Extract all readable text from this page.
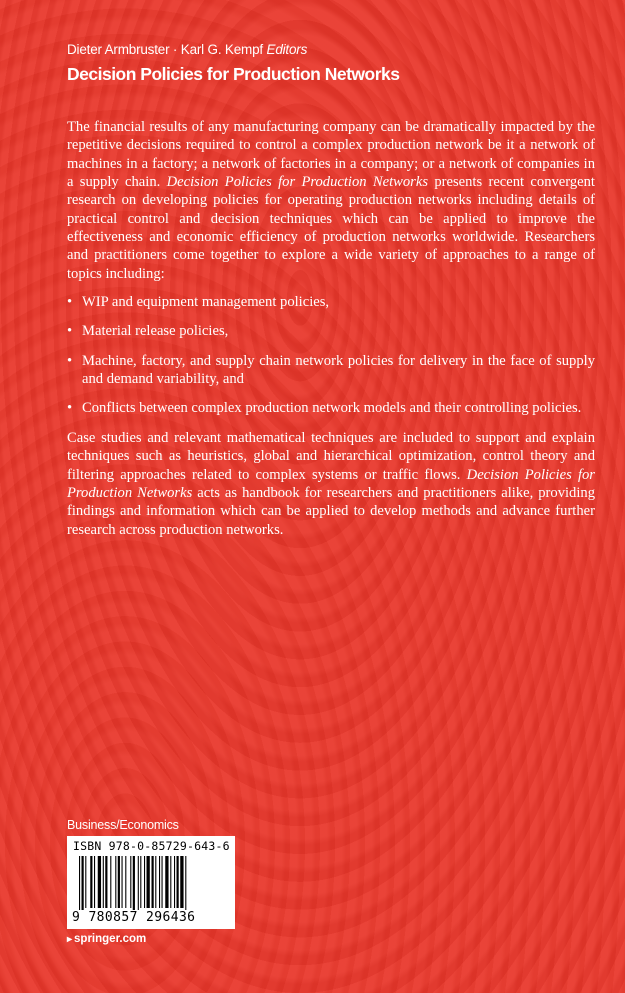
Dieter Armbruster · Karl G. Kempf Editors
Decision Policies for Production Networks

The financial results of any manufacturing company can be dramatically impacted by the repetitive decisions required to control a complex production network be it a network of machines in a factory; a network of factories in a company; or a network of companies in a supply chain. Decision Policies for Production Networks presents recent convergent research on developing policies for operating production networks including details of practical control and decision techniques which can be applied to improve the effectiveness and economic efficiency of production networks worldwide. Researchers and practitioners come together to explore a wide variety of approaches to a range of topics including:

• WIP and equipment management policies,
• Material release policies,
• Machine, factory, and supply chain network policies for delivery in the face of supply and demand variability, and
• Conflicts between complex production network models and their controlling policies.

Case studies and relevant mathematical techniques are included to support and explain techniques such as heuristics, global and hierarchical optimization, control theory and filtering approaches related to complex systems or traffic flows. Decision Policies for Production Networks acts as handbook for researchers and practitioners alike, providing findings and information which can be applied to develop methods and advance further research across production networks.

Business/Economics
ISBN 978-0-85729-643-6
9 780857 296436
▸ springer.com
